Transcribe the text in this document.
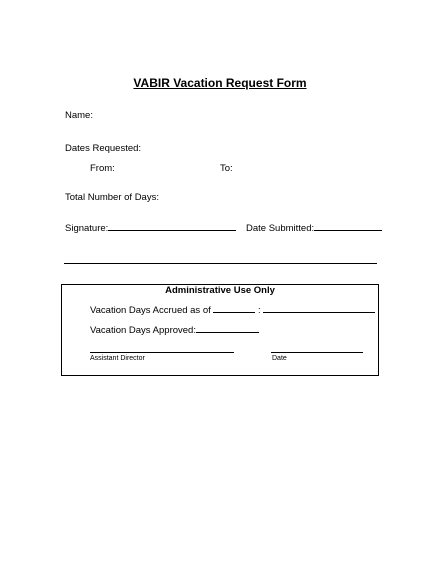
VABIR Vacation Request Form
Name:
Dates Requested:
From:	To:
Total Number of Days:
Signature:	Date Submitted:
Administrative Use Only
Vacation Days Accrued as of	:
Vacation Days Approved:
Assistant Director	Date
